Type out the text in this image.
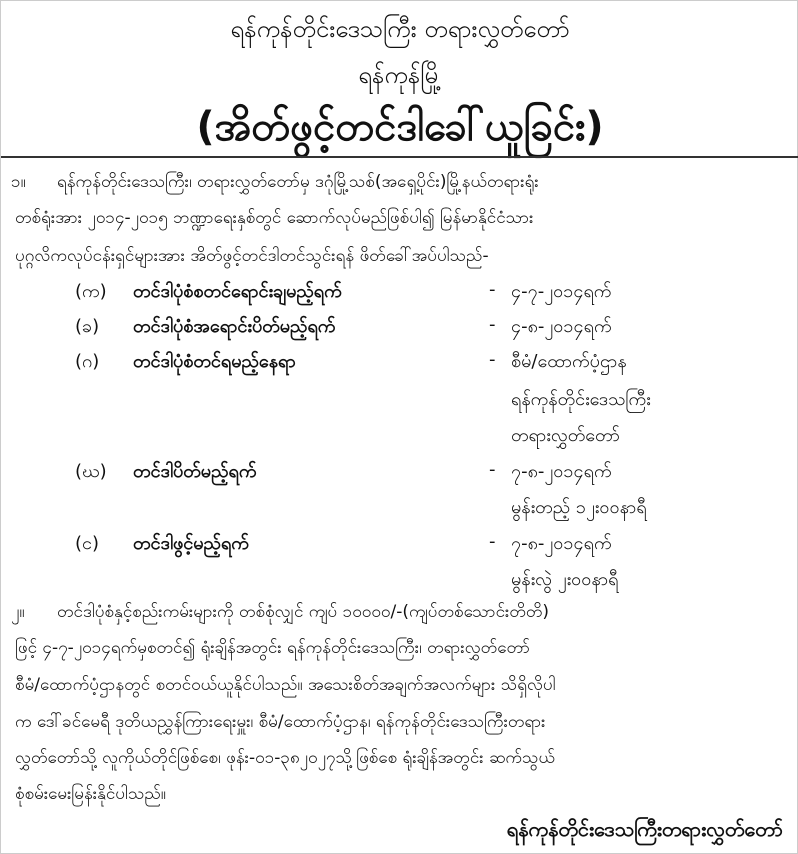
ရန်ကုန်တိုင်းဒေသကြီး တရားလွှတ်တော်
ရန်ကုန်မြို့
(အိတ်ဖွင့်တင်ဒါခေါ်ယူခြင်း)
၁။ ရန်ကုန်တိုင်းဒေသကြီး၊ တရားလွှတ်တော်မှ ဒဂုံမြို့သစ်(အရှေ့ပိုင်း)မြို့နယ်တရားရုံး
တစ်ရုံးအား ၂၀၁၄-၂၀၁၅ ဘဏ္ဍာရေးနှစ်တွင် ဆောက်လုပ်မည်ဖြစ်ပါ၍ မြန်မာနိုင်ငံသား
ပုဂ္ဂလိကလုပ်ငန်းရှင်များအား အိတ်ဖွင့်တင်ဒါတင်သွင်းရန် ဖိတ်ခေါ်အပ်ပါသည်-
(က) တင်ဒါပုံစံစတင်ရောင်းချမည့်ရက်	- ၄-၇-၂၀၁၄ရက်
(ခ) တင်ဒါပုံစံအရောင်းပိတ်မည့်ရက်	- ၄-၈-၂၀၁၄ရက်
(ဂ) တင်ဒါပုံစံတင်ရမည့်နေရာ	- စီမံ/ထောက်ပံ့ဌာန
ရန်ကုန်တိုင်းဒေသကြီး
တရားလွှတ်တော်
(ဃ) တင်ဒါပိတ်မည့်ရက်	- ၇-၈-၂၀၁၄ရက်
မွန်းတည့် ၁၂း၀၀နာရီ
(င) တင်ဒါဖွင့်မည့်ရက်	- ၇-၈-၂၀၁၄ရက်
မွန်းလွဲ ၂း၀၀နာရီ
၂။ တင်ဒါပုံစံနှင့်စည်းကမ်းများကို တစ်စုံလျှင် ကျပ် ၁၀၀၀၀/-(ကျပ်တစ်သောင်းတိတိ)
ဖြင့် ၄-၇-၂၀၁၄ရက်မှစတင်၍ ရုံးချိန်အတွင်း ရန်ကုန်တိုင်းဒေသကြီး၊ တရားလွှတ်တော်
စီမံ/ထောက်ပံ့ဌာနတွင် စတင်ဝယ်ယူနိုင်ပါသည်။ အသေးစိတ်အချက်အလက်များ သိရှိလိုပါ
က ဒေါ်ခင်မေရီ ဒုတိယညွှန်ကြားရေးမှူး၊ စီမံ/ထောက်ပံ့ဌာန၊ ရန်ကုန်တိုင်းဒေသကြီးတရား
လွှတ်တော်သို့ လူကိုယ်တိုင်ဖြစ်စေ၊ ဖုန်း-၀၁-၃၈၂၀၂၇သို့ဖြစ်စေ ရုံးချိန်အတွင်း ဆက်သွယ်
စုံစမ်းမေးမြန်းနိုင်ပါသည်။
ရန်ကုန်တိုင်းဒေသကြီးတရားလွှတ်တော်
